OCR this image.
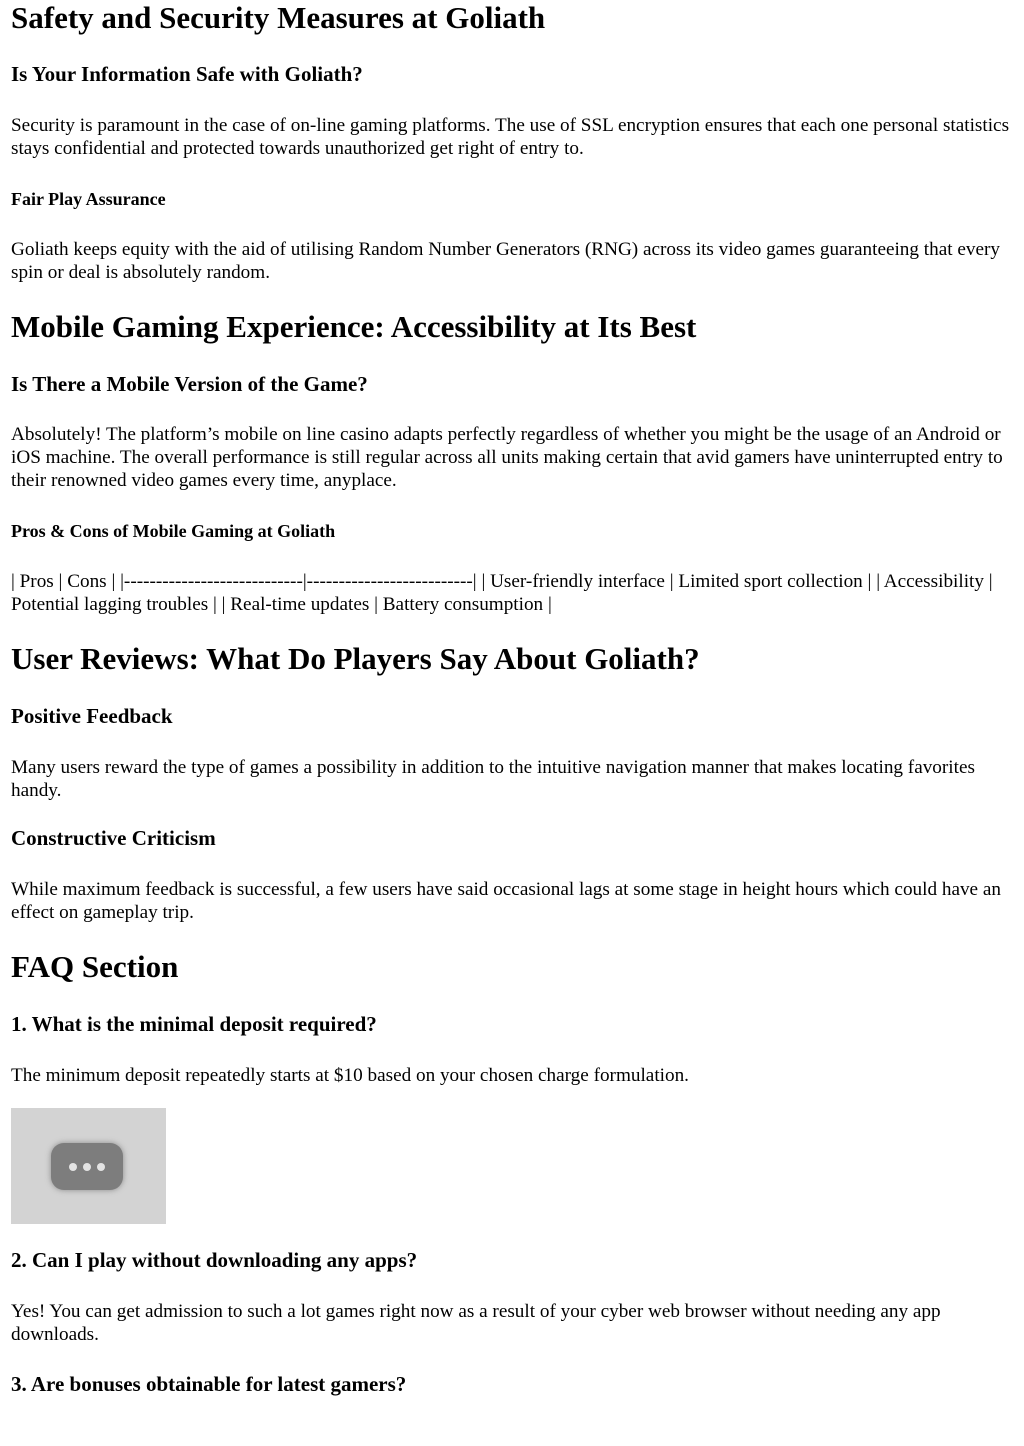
Safety and Security Measures at Goliath
Is Your Information Safe with Goliath?

Security is paramount in the case of on-line gaming platforms. The use of SSL encryption ensures that each one personal statistics stays confidential and protected towards unauthorized get right of entry to.

Fair Play Assurance

Goliath keeps equity with the aid of utilising Random Number Generators (RNG) across its video games guaranteeing that every spin or deal is absolutely random.

Mobile Gaming Experience: Accessibility at Its Best
Is There a Mobile Version of the Game?

Absolutely! The platform’s mobile on line casino adapts perfectly regardless of whether you might be the usage of an Android or iOS machine. The overall performance is still regular across all units making certain that avid gamers have uninterrupted entry to their renowned video games every time, anyplace.

Pros & Cons of Mobile Gaming at Goliath

| Pros | Cons | |----------------------------|--------------------------| | User-friendly interface | Limited sport collection | | Accessibility | Potential lagging troubles | | Real-time updates | Battery consumption |

User Reviews: What Do Players Say About Goliath?
Positive Feedback

Many users reward the type of games a possibility in addition to the intuitive navigation manner that makes locating favorites handy.

Constructive Criticism

While maximum feedback is successful, a few users have said occasional lags at some stage in height hours which could have an effect on gameplay trip.

FAQ Section
1. What is the minimal deposit required?

The minimum deposit repeatedly starts at $10 based on your chosen charge formulation.

2. Can I play without downloading any apps?

Yes! You can get admission to such a lot games right now as a result of your cyber web browser without needing any app downloads.

3. Are bonuses obtainable for latest gamers?
